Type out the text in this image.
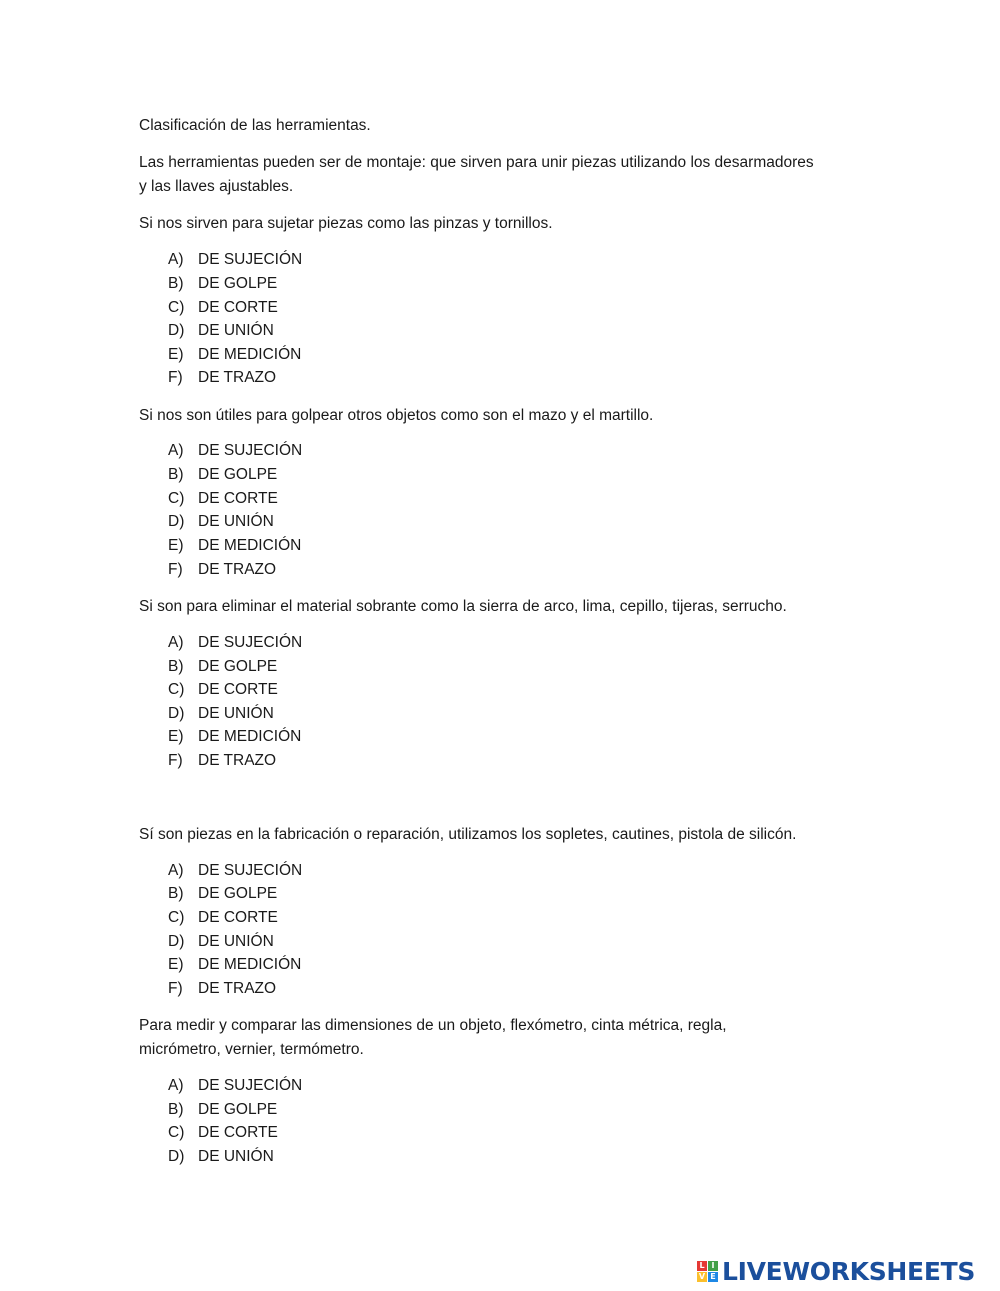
Clasificación de las herramientas.
Las herramientas pueden ser de montaje: que sirven para unir piezas utilizando los desarmadores
y las llaves ajustables.
Si nos sirven para sujetar piezas como las pinzas y tornillos.
A) DE SUJECIÓN
B) DE GOLPE
C) DE CORTE
D) DE UNIÓN
E) DE MEDICIÓN
F) DE TRAZO
Si nos son útiles para golpear otros objetos como son el mazo y el martillo.
A) DE SUJECIÓN
B) DE GOLPE
C) DE CORTE
D) DE UNIÓN
E) DE MEDICIÓN
F) DE TRAZO
Si son para eliminar el material sobrante como la sierra de arco, lima, cepillo, tijeras, serrucho.
A) DE SUJECIÓN
B) DE GOLPE
C) DE CORTE
D) DE UNIÓN
E) DE MEDICIÓN
F) DE TRAZO
Sí son piezas en la fabricación o reparación, utilizamos los sopletes, cautines, pistola de silicón.
A) DE SUJECIÓN
B) DE GOLPE
C) DE CORTE
D) DE UNIÓN
E) DE MEDICIÓN
F) DE TRAZO
Para medir y comparar las dimensiones de un objeto, flexómetro, cinta métrica, regla,
micrómetro, vernier, termómetro.
A) DE SUJECIÓN
B) DE GOLPE
C) DE CORTE
D) DE UNIÓN
L I
V E LIVEWORKSHEETS
